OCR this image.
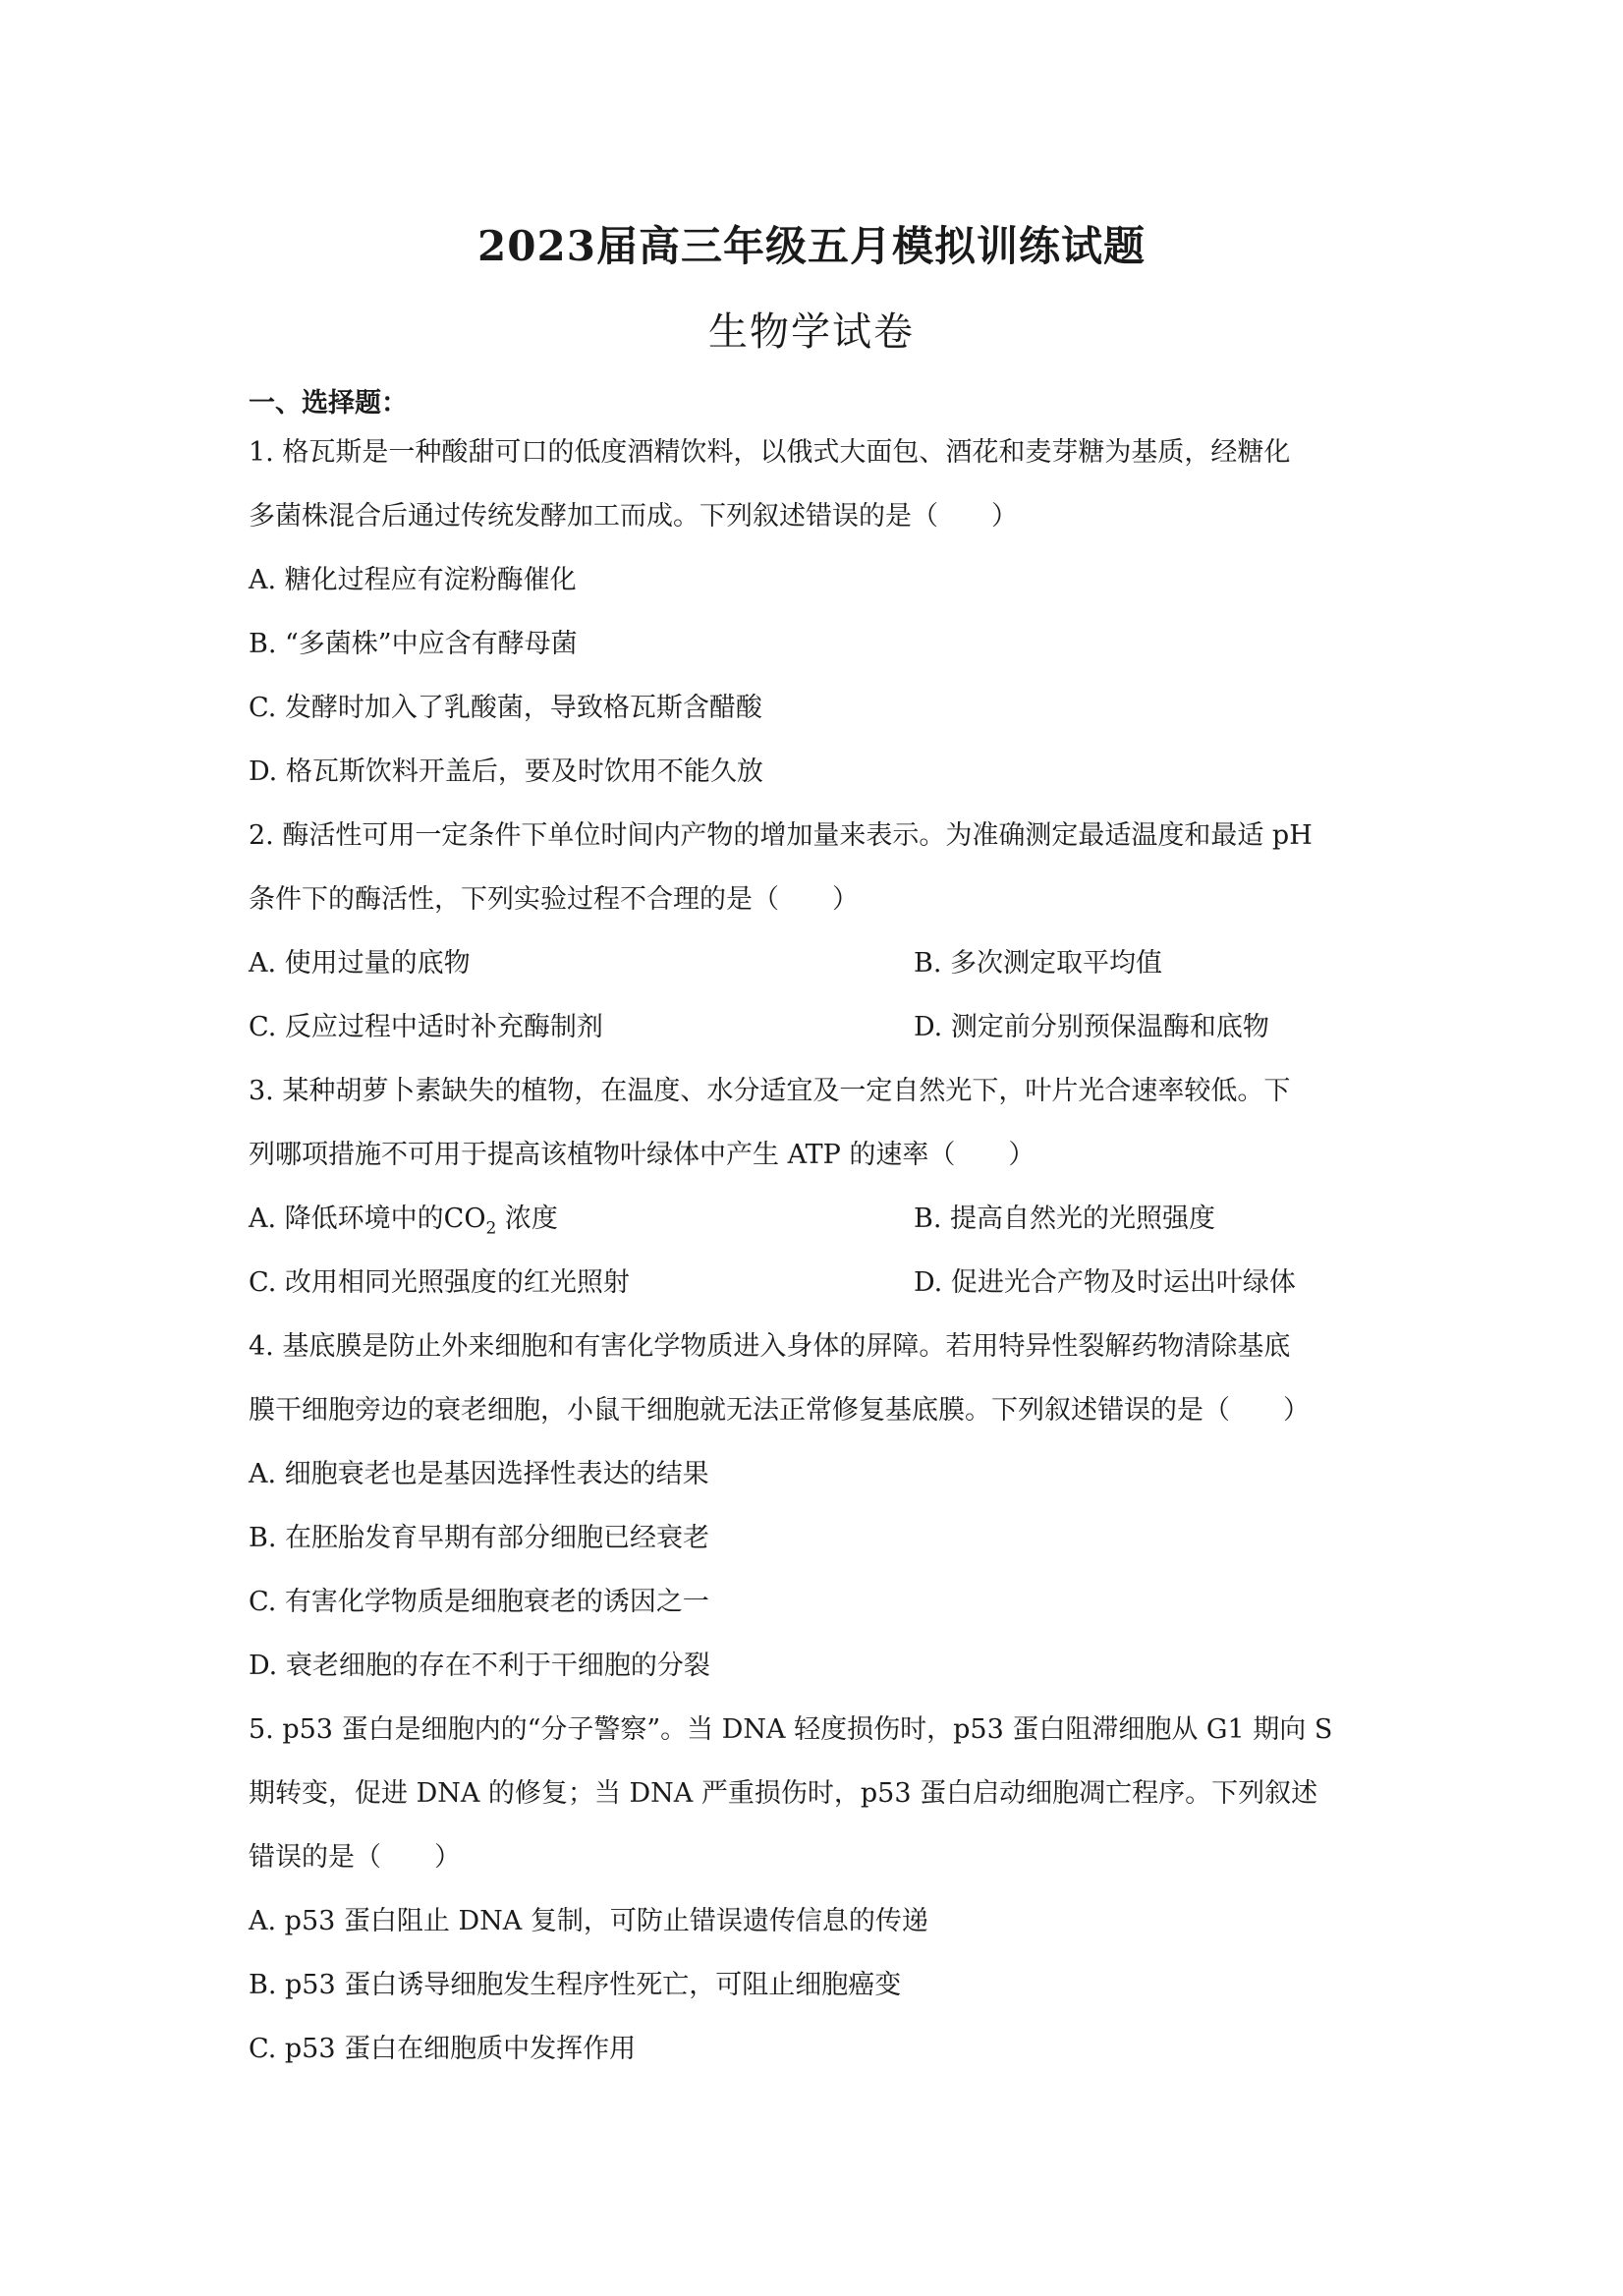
2023届高三年级五月模拟训练试题
生物学试卷
一、选择题：
1. 格瓦斯是一种酸甜可口的低度酒精饮料，以俄式大面包、酒花和麦芽糖为基质，经糖化
多菌株混合后通过传统发酵加工而成。下列叙述错误的是（　　）
A. 糖化过程应有淀粉酶催化
B. “多菌株”中应含有酵母菌
C. 发酵时加入了乳酸菌，导致格瓦斯含醋酸
D. 格瓦斯饮料开盖后，要及时饮用不能久放
2. 酶活性可用一定条件下单位时间内产物的增加量来表示。为准确测定最适温度和最适 pH
条件下的酶活性，下列实验过程不合理的是（　　）
A. 使用过量的底物	B. 多次测定取平均值
C. 反应过程中适时补充酶制剂	D. 测定前分别预保温酶和底物
3. 某种胡萝卜素缺失的植物，在温度、水分适宜及一定自然光下，叶片光合速率较低。下
列哪项措施不可用于提高该植物叶绿体中产生 ATP 的速率（　　）
A. 降低环境中的$CO_2$ 浓度	B. 提高自然光的光照强度
C. 改用相同光照强度的红光照射	D. 促进光合产物及时运出叶绿体
4. 基底膜是防止外来细胞和有害化学物质进入身体的屏障。若用特异性裂解药物清除基底
膜干细胞旁边的衰老细胞，小鼠干细胞就无法正常修复基底膜。下列叙述错误的是（　　）
A. 细胞衰老也是基因选择性表达的结果
B. 在胚胎发育早期有部分细胞已经衰老
C. 有害化学物质是细胞衰老的诱因之一
D. 衰老细胞的存在不利于干细胞的分裂
5. p53 蛋白是细胞内的“分子警察”。当 DNA 轻度损伤时，p53 蛋白阻滞细胞从 G1 期向 S
期转变，促进 DNA 的修复；当 DNA 严重损伤时，p53 蛋白启动细胞凋亡程序。下列叙述
错误的是（　　）
A. p53 蛋白阻止 DNA 复制，可防止错误遗传信息的传递
B. p53 蛋白诱导细胞发生程序性死亡，可阻止细胞癌变
C. p53 蛋白在细胞质中发挥作用
